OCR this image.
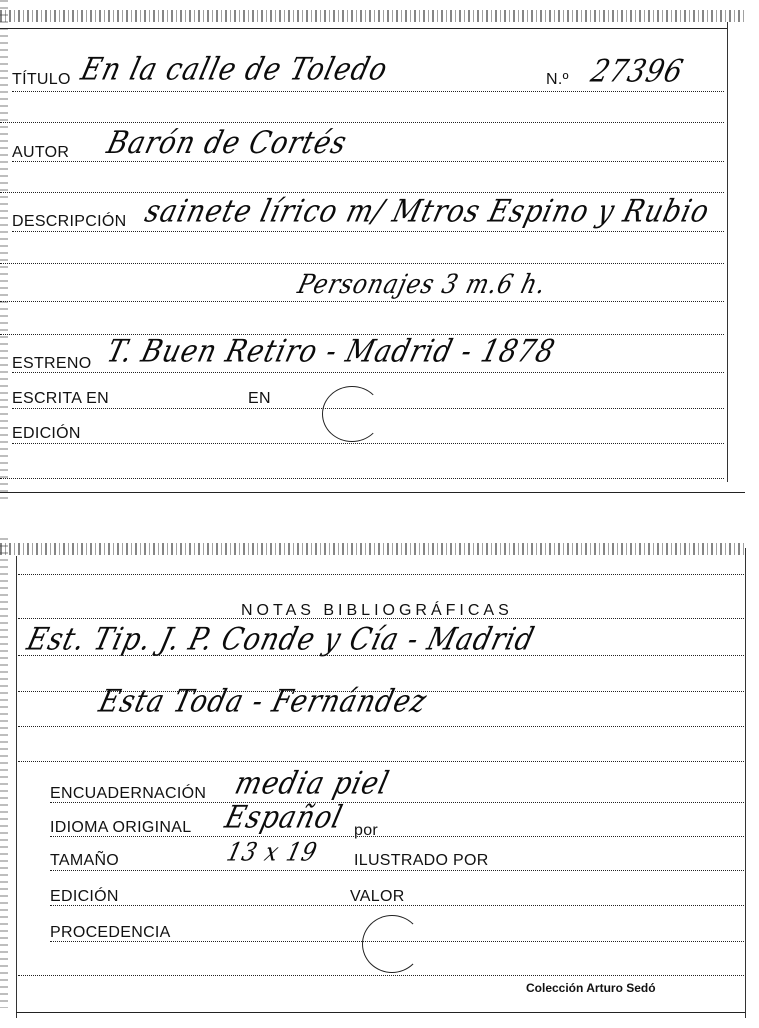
TÍTULO En la calle de Toledo	N.º 27396
AUTOR Barón de Cortés
DESCRIPCIÓN sainete lírico m/ Mtros Espino y Rubio
Personajes 3 m.6 h.
ESTRENO T. Buen Retiro - Madrid - 1878
ESCRITA EN	EN
EDICIÓN
NOTAS BIBLIOGRÁFICAS
Est. Tip. J. P. Conde y Cía - Madrid
Esta Toda - Fernández
ENCUADERNACIÓN media piel
IDIOMA ORIGINAL Español por
TAMAÑO	13 x 19 ILUSTRADO POR
EDICIÓN	VALOR
PROCEDENCIA
Colección Arturo Sedó
